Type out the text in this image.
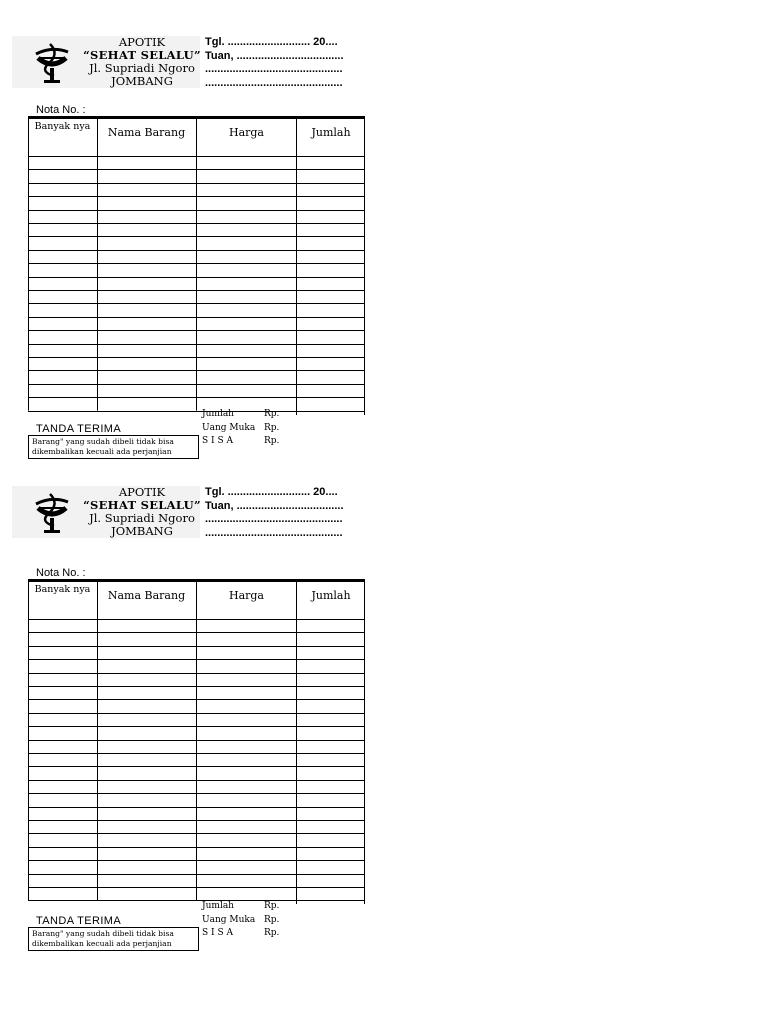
APOTIK
“SEHAT SELALU”
Jl. Supriadi Ngoro
JOMBANG
Tgl. ........................... 20....
Tuan, ...................................
.............................................
.............................................
Nota No. :
Banyak nya	Nama Barang	Harga	Jumlah
Jumlah	Rp.
Uang Muka Rp.
S I S A	Rp.
TANDA TERIMA
Barang" yang sudah dibeli tidak bisa
dikembalikan kecuali ada perjanjian
APOTIK
“SEHAT SELALU”
Jl. Supriadi Ngoro
JOMBANG
Tgl. ........................... 20....
Tuan, ...................................
.............................................
.............................................
Nota No. :
Banyak nya	Nama Barang	Harga	Jumlah
Jumlah	Rp.
Uang Muka Rp.
S I S A	Rp.
TANDA TERIMA
Barang" yang sudah dibeli tidak bisa
dikembalikan kecuali ada perjanjian
